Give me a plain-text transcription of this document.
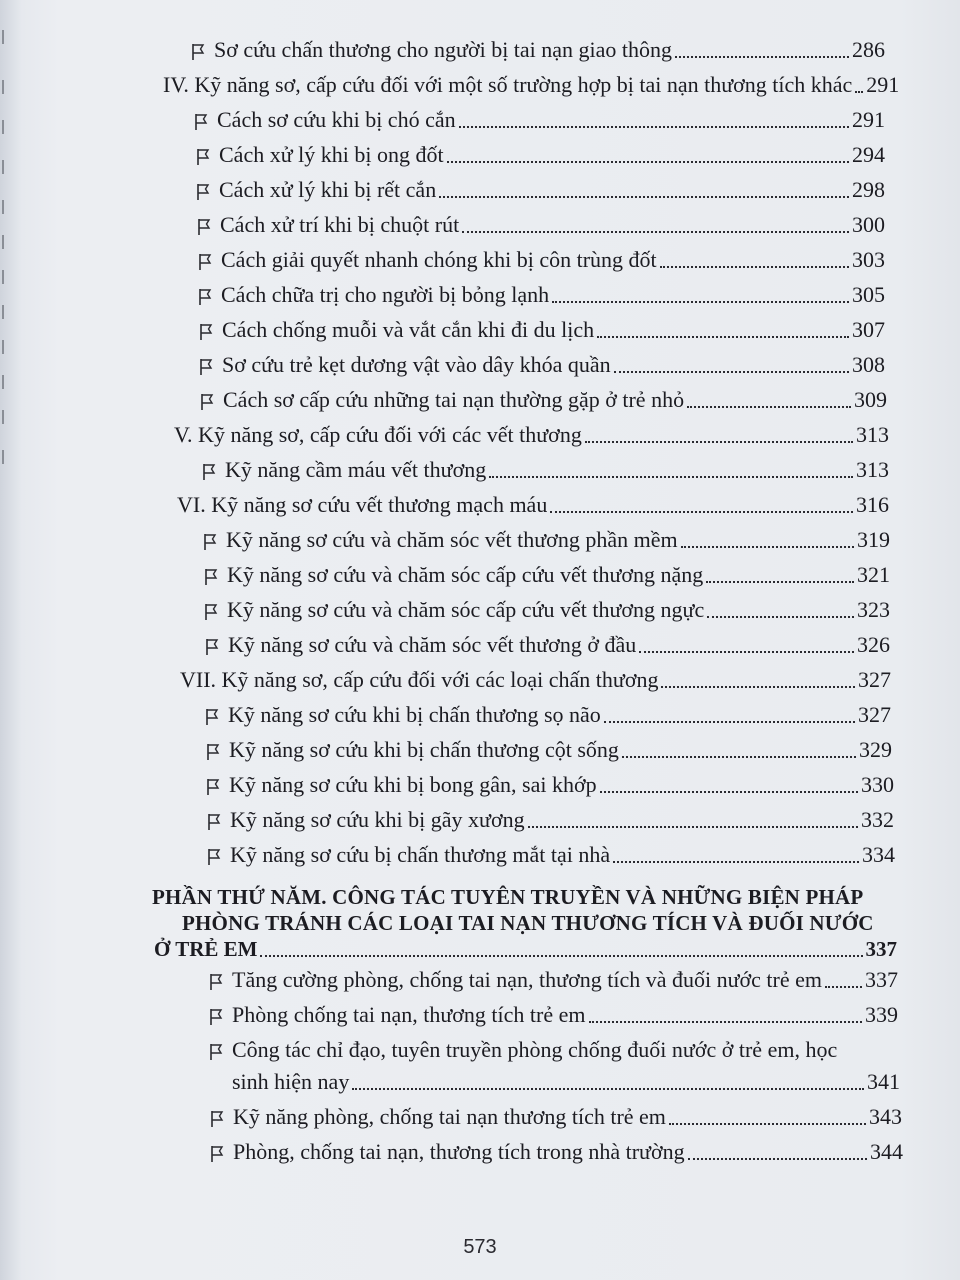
Sơ cứu chấn thương cho người bị tai nạn giao thông	286
IV. Kỹ năng sơ, cấp cứu đối với một số trường hợp bị tai nạn thương tích khác 291
Cách sơ cứu khi bị chó cắn	291
Cách xử lý khi bị ong đốt	294
Cách xử lý khi bị rết cắn	298
Cách xử trí khi bị chuột rút	300
Cách giải quyết nhanh chóng khi bị côn trùng đốt	303
Cách chữa trị cho người bị bỏng lạnh	305
Cách chống muỗi và vắt cắn khi đi du lịch	307
Sơ cứu trẻ kẹt dương vật vào dây khóa quần	308
Cách sơ cấp cứu những tai nạn thường gặp ở trẻ nhỏ	309
V. Kỹ năng sơ, cấp cứu đối với các vết thương	313
Kỹ năng cầm máu vết thương	313
VI. Kỹ năng sơ cứu vết thương mạch máu	316
Kỹ năng sơ cứu và chăm sóc vết thương phần mềm	319
Kỹ năng sơ cứu và chăm sóc cấp cứu vết thương nặng	321
Kỹ năng sơ cứu và chăm sóc cấp cứu vết thương ngực	323
Kỹ năng sơ cứu và chăm sóc vết thương ở đầu	326
VII. Kỹ năng sơ, cấp cứu đối với các loại chấn thương	327
Kỹ năng sơ cứu khi bị chấn thương sọ não	327
Kỹ năng sơ cứu khi bị chấn thương cột sống	329
Kỹ năng sơ cứu khi bị bong gân, sai khớp	330
Kỹ năng sơ cứu khi bị gãy xương	332
Kỹ năng sơ cứu bị chấn thương mắt tại nhà	334
PHẦN THỨ NĂM. CÔNG TÁC TUYÊN TRUYỀN VÀ NHỮNG BIỆN PHÁP
PHÒNG TRÁNH CÁC LOẠI TAI NẠN THƯƠNG TÍCH VÀ ĐUỐI NƯỚC
Ở TRẺ EM	337
Tăng cường phòng, chống tai nạn, thương tích và đuối nước trẻ em 337
Phòng chống tai nạn, thương tích trẻ em	339
Công tác chỉ đạo, tuyên truyền phòng chống đuối nước ở trẻ em, học
sinh hiện nay	341
Kỹ năng phòng, chống tai nạn thương tích trẻ em	343
Phòng, chống tai nạn, thương tích trong nhà trường	344
573
